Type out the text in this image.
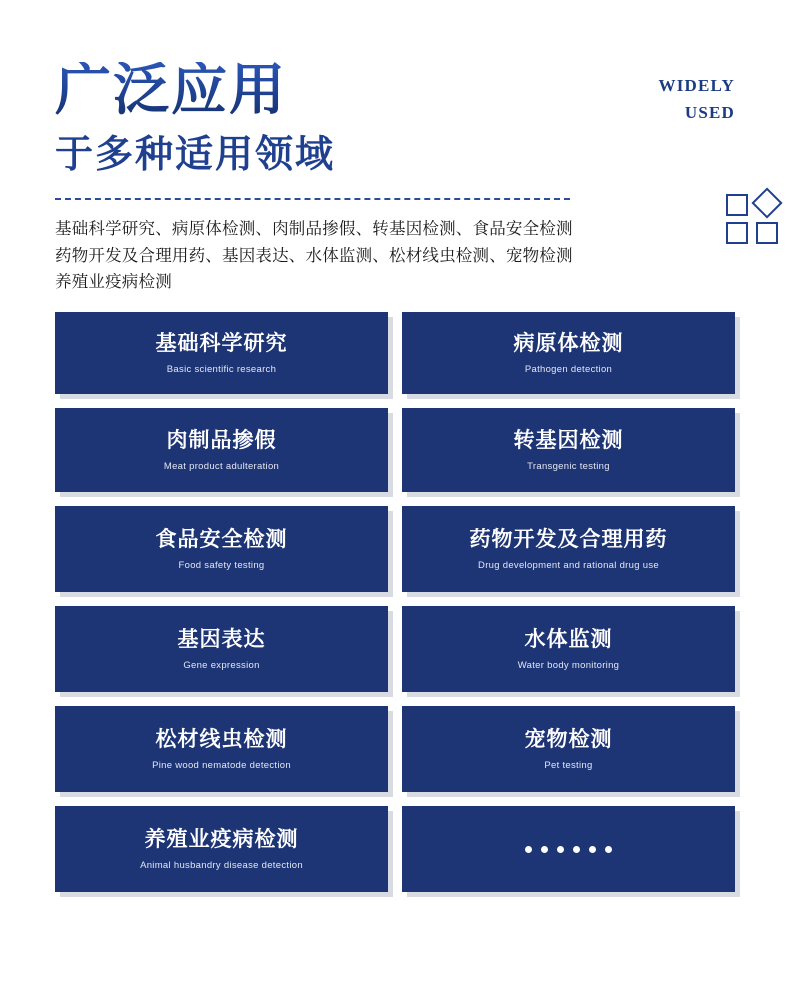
广泛应用
于多种适用领域
WIDELY
USED
基础科学研究、病原体检测、肉制品掺假、转基因检测、食品安全检测
药物开发及合理用药、基因表达、水体监测、松材线虫检测、宠物检测
养殖业疫病检测
基础科学研究
Basic scientific research
病原体检测
Pathogen detection
肉制品掺假
Meat product adulteration
转基因检测
Transgenic testing
食品安全检测
Food safety testing
药物开发及合理用药
Drug development and rational drug use
基因表达
Gene expression
水体监测
Water body monitoring
松材线虫检测
Pine wood nematode detection
宠物检测
Pet testing
养殖业疫病检测
Animal husbandry disease detection
